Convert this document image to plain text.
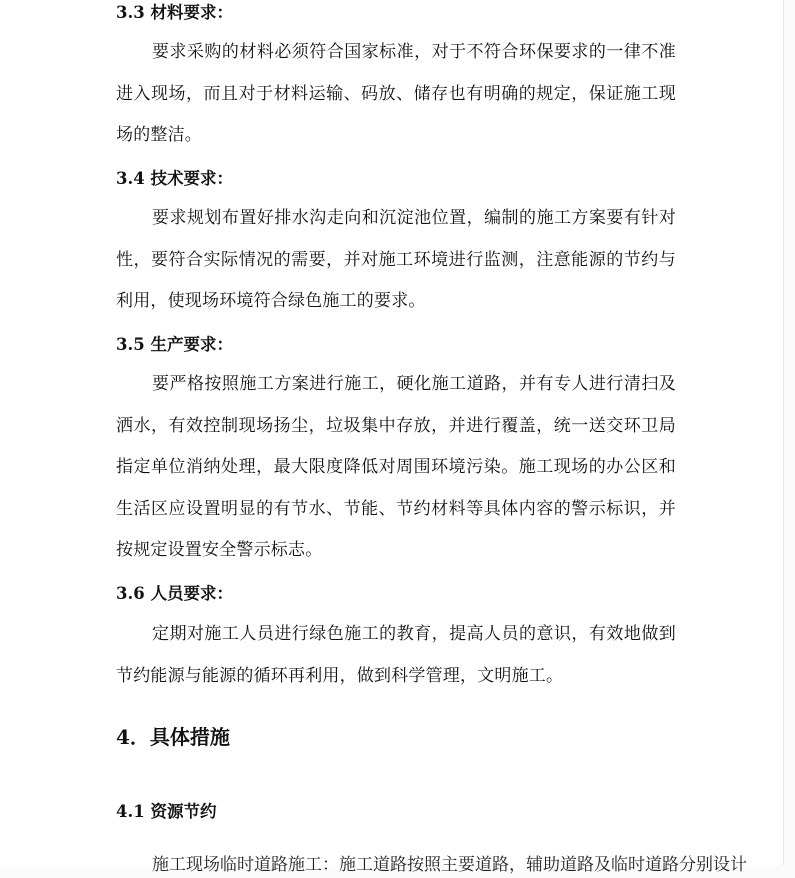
3.3 材料要求：
要求采购的材料必须符合国家标准，对于不符合环保要求的一律不准进入现场，而且对于材料运输、码放、储存也有明确的规定，保证施工现场的整洁。
3.4 技术要求：
要求规划布置好排水沟走向和沉淀池位置，编制的施工方案要有针对性，要符合实际情况的需要，并对施工环境进行监测，注意能源的节约与利用，使现场环境符合绿色施工的要求。
3.5 生产要求：
要严格按照施工方案进行施工，硬化施工道路，并有专人进行清扫及洒水，有效控制现场扬尘，垃圾集中存放，并进行覆盖，统一送交环卫局指定单位消纳处理，最大限度降低对周围环境污染。施工现场的办公区和生活区应设置明显的有节水、节能、节约材料等具体内容的警示标识，并按规定设置安全警示标志。
3.6 人员要求：
定期对施工人员进行绿色施工的教育，提高人员的意识，有效地做到节约能源与能源的循环再利用，做到科学管理，文明施工。
4．具体措施
4.1 资源节约
施工现场临时道路施工：施工道路按照主要道路，辅助道路及临时道路分别设计
